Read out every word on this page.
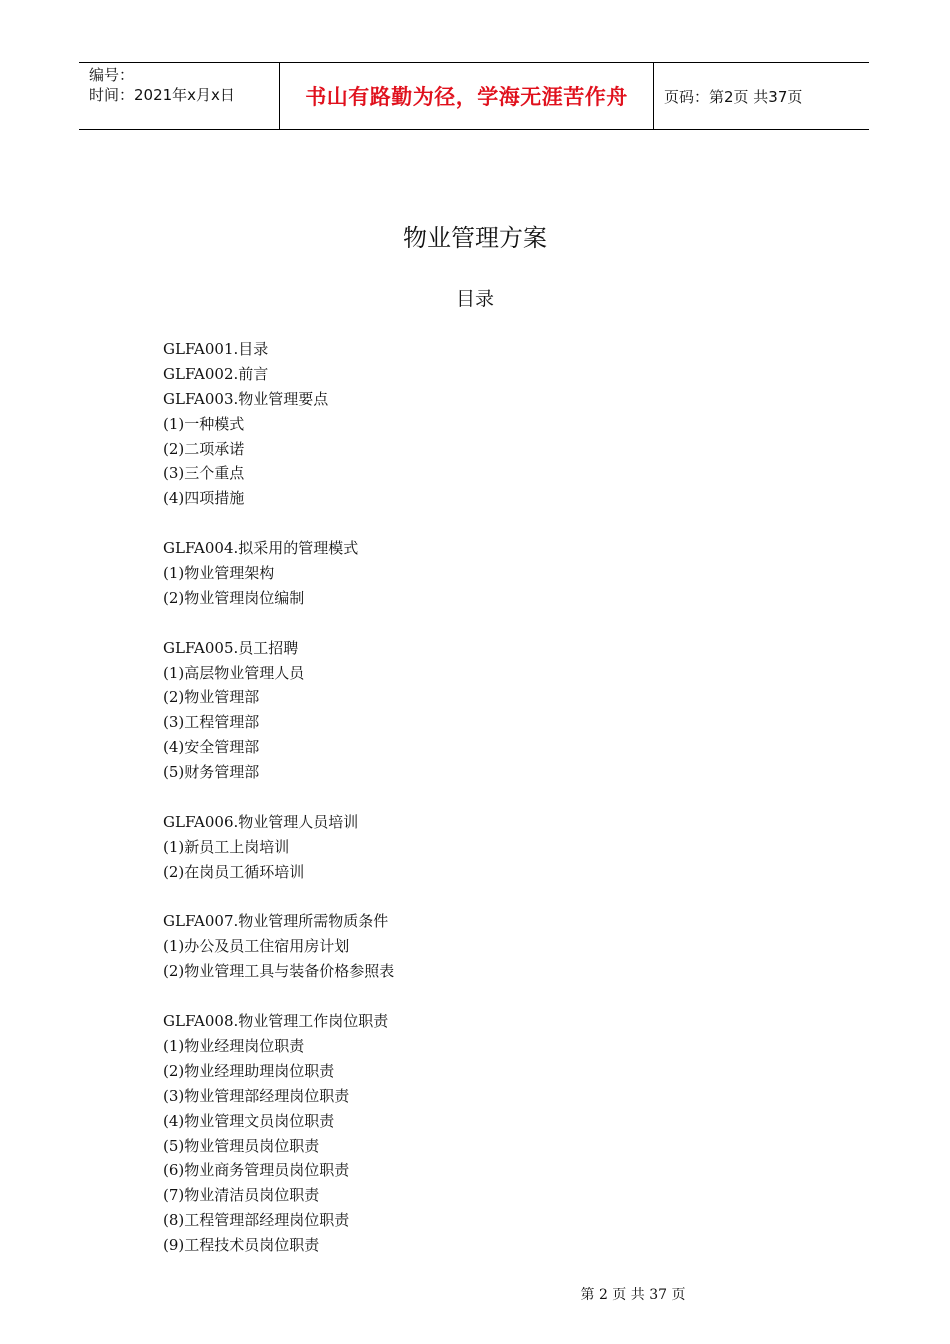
编号：
时间：2021年x月x日	书山有路勤为径，学海无涯苦作舟	页码：第2页 共37页
物业管理方案
目录
GLFA001.目录
GLFA002.前言
GLFA003.物业管理要点
(1)一种模式
(2)二项承诺
(3)三个重点
(4)四项措施
GLFA004.拟采用的管理模式
(1)物业管理架构
(2)物业管理岗位编制
GLFA005.员工招聘
(1)高层物业管理人员
(2)物业管理部
(3)工程管理部
(4)安全管理部
(5)财务管理部
GLFA006.物业管理人员培训
(1)新员工上岗培训
(2)在岗员工循环培训
GLFA007.物业管理所需物质条件
(1)办公及员工住宿用房计划
(2)物业管理工具与装备价格参照表
GLFA008.物业管理工作岗位职责
(1)物业经理岗位职责
(2)物业经理助理岗位职责
(3)物业管理部经理岗位职责
(4)物业管理文员岗位职责
(5)物业管理员岗位职责
(6)物业商务管理员岗位职责
(7)物业清洁员岗位职责
(8)工程管理部经理岗位职责
(9)工程技术员岗位职责
第 2 页 共 37 页
